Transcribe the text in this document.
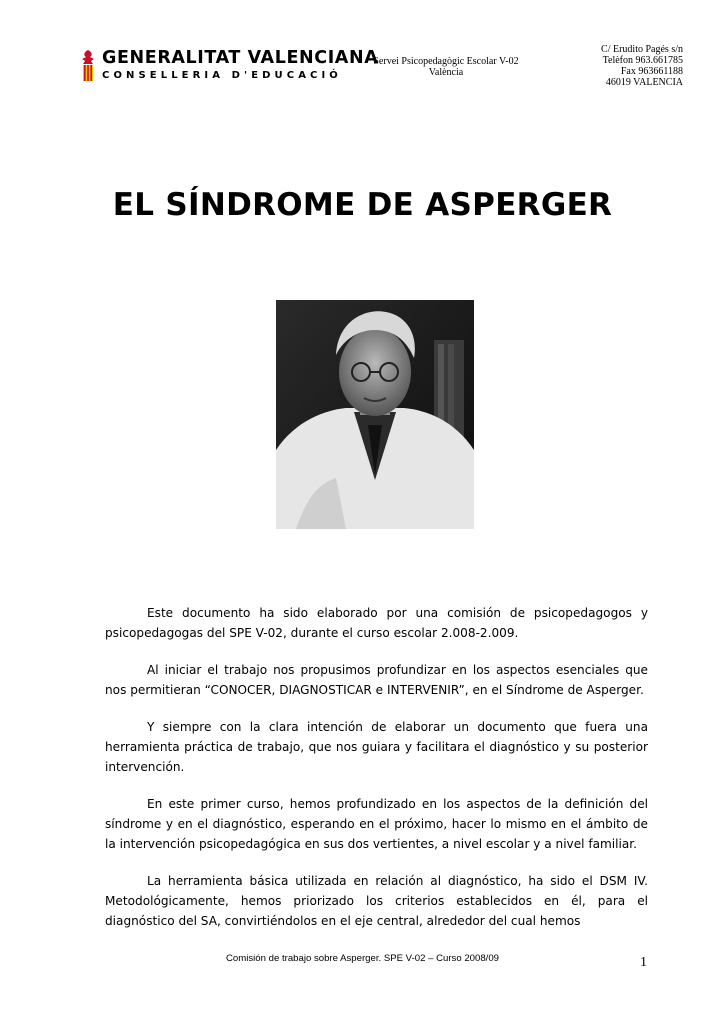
GENERALITAT VALENCIANA
CONSELLERIA D'EDUCACIÓ
Servei Psicopedagògic Escolar V-02
València
C/ Erudito Pagés s/n
Telèfon 963.661785
Fax 963661188
46019 VALENCIA
EL SÍNDROME DE ASPERGER

Este documento ha sido elaborado por una comisión de psicopedagogos y psicopedagogas del SPE V-02, durante el curso escolar 2.008-2.009.

Al iniciar el trabajo nos propusimos profundizar en los aspectos esenciales que nos permitieran “CONOCER, DIAGNOSTICAR e INTERVENIR”, en el Síndrome de Asperger.

Y siempre con la clara intención de elaborar un documento que fuera una herramienta práctica de trabajo, que nos guiara y facilitara el diagnóstico y su posterior intervención.

En este primer curso, hemos profundizado en los aspectos de la definición del síndrome y en el diagnóstico, esperando en el próximo, hacer lo mismo en el ámbito de la intervención psicopedagógica en sus dos vertientes, a nivel escolar y a nivel familiar.

La herramienta básica utilizada en relación al diagnóstico, ha sido el DSM IV. Metodológicamente, hemos priorizado los criterios establecidos en él, para el diagnóstico del SA, convirtiéndolos en el eje central, alrededor del cual hemos

Comisión de trabajo sobre Asperger. SPE V-02 – Curso 2008/09	1
